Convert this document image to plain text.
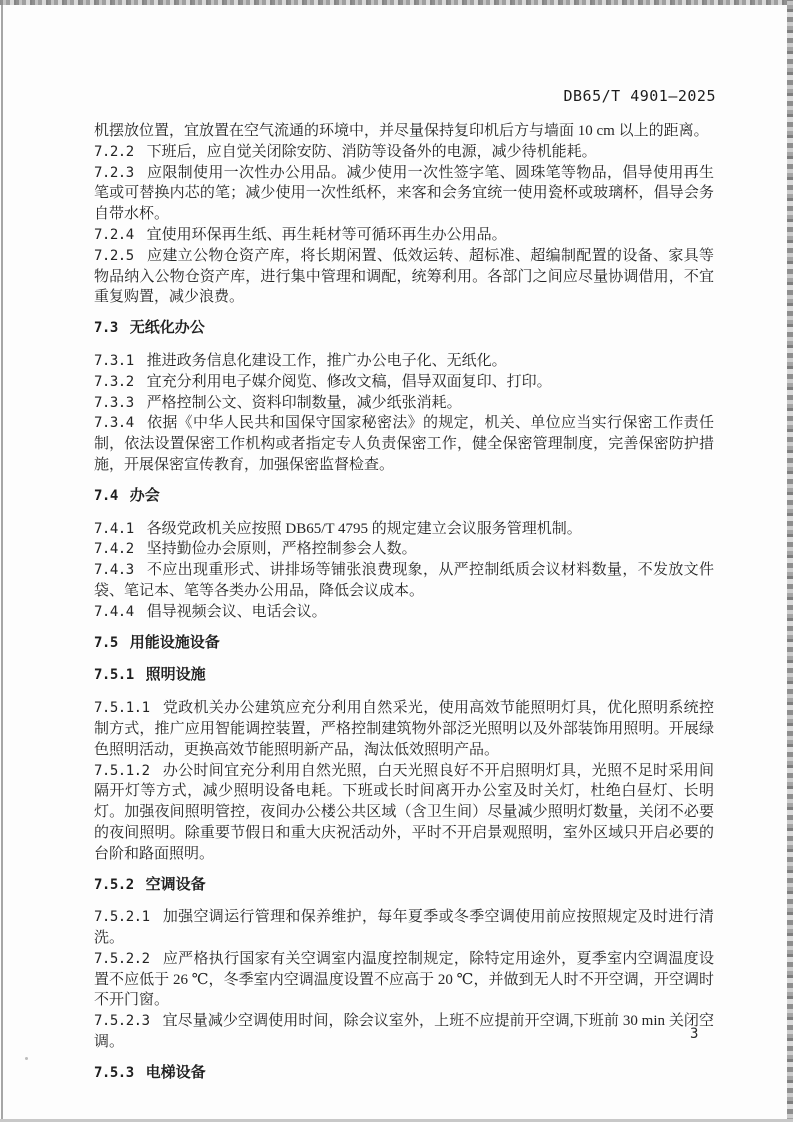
DB65/T 4901—2025

机摆放位置，宜放置在空气流通的环境中，并尽量保持复印机后方与墙面 10 cm 以上的距离。

7.2.2 下班后，应自觉关闭除安防、消防等设备外的电源，减少待机能耗。

7.2.3 应限制使用一次性办公用品。减少使用一次性签字笔、圆珠笔等物品，倡导使用再生笔或可替换内芯的笔；减少使用一次性纸杯，来客和会务宜统一使用瓷杯或玻璃杯，倡导会务自带水杯。

7.2.4 宜使用环保再生纸、再生耗材等可循环再生办公用品。

7.2.5 应建立公物仓资产库，将长期闲置、低效运转、超标准、超编制配置的设备、家具等物品纳入公物仓资产库，进行集中管理和调配，统筹利用。各部门之间应尽量协调借用，不宜重复购置，减少浪费。

7.3 无纸化办公

7.3.1 推进政务信息化建设工作，推广办公电子化、无纸化。

7.3.2 宜充分利用电子媒介阅览、修改文稿，倡导双面复印、打印。

7.3.3 严格控制公文、资料印制数量，减少纸张消耗。

7.3.4 依据《中华人民共和国保守国家秘密法》的规定，机关、单位应当实行保密工作责任制，依法设置保密工作机构或者指定专人负责保密工作，健全保密管理制度，完善保密防护措施，开展保密宣传教育，加强保密监督检查。

7.4 办会

7.4.1 各级党政机关应按照 DB65/T 4795 的规定建立会议服务管理机制。

7.4.2 坚持勤俭办会原则，严格控制参会人数。

7.4.3 不应出现重形式、讲排场等铺张浪费现象，从严控制纸质会议材料数量，不发放文件袋、笔记本、笔等各类办公用品，降低会议成本。

7.4.4 倡导视频会议、电话会议。

7.5 用能设施设备

7.5.1 照明设施

7.5.1.1 党政机关办公建筑应充分利用自然采光，使用高效节能照明灯具，优化照明系统控制方式，推广应用智能调控装置，严格控制建筑物外部泛光照明以及外部装饰用照明。开展绿色照明活动，更换高效节能照明新产品，淘汰低效照明产品。

7.5.1.2 办公时间宜充分利用自然光照，白天光照良好不开启照明灯具，光照不足时采用间隔开灯等方式，减少照明设备电耗。下班或长时间离开办公室及时关灯，杜绝白昼灯、长明灯。加强夜间照明管控，夜间办公楼公共区域（含卫生间）尽量减少照明灯数量，关闭不必要的夜间照明。除重要节假日和重大庆祝活动外，平时不开启景观照明，室外区域只开启必要的台阶和路面照明。

7.5.2 空调设备

7.5.2.1 加强空调运行管理和保养维护，每年夏季或冬季空调使用前应按照规定及时进行清洗。

7.5.2.2 应严格执行国家有关空调室内温度控制规定，除特定用途外，夏季室内空调温度设置不应低于 26 ℃，冬季室内空调温度设置不应高于 20 ℃，并做到无人时不开空调，开空调时不开门窗。

7.5.2.3 宜尽量减少空调使用时间，除会议室外，上班不应提前开空调,下班前 30 min 关闭空调。

7.5.3 电梯设备

3
